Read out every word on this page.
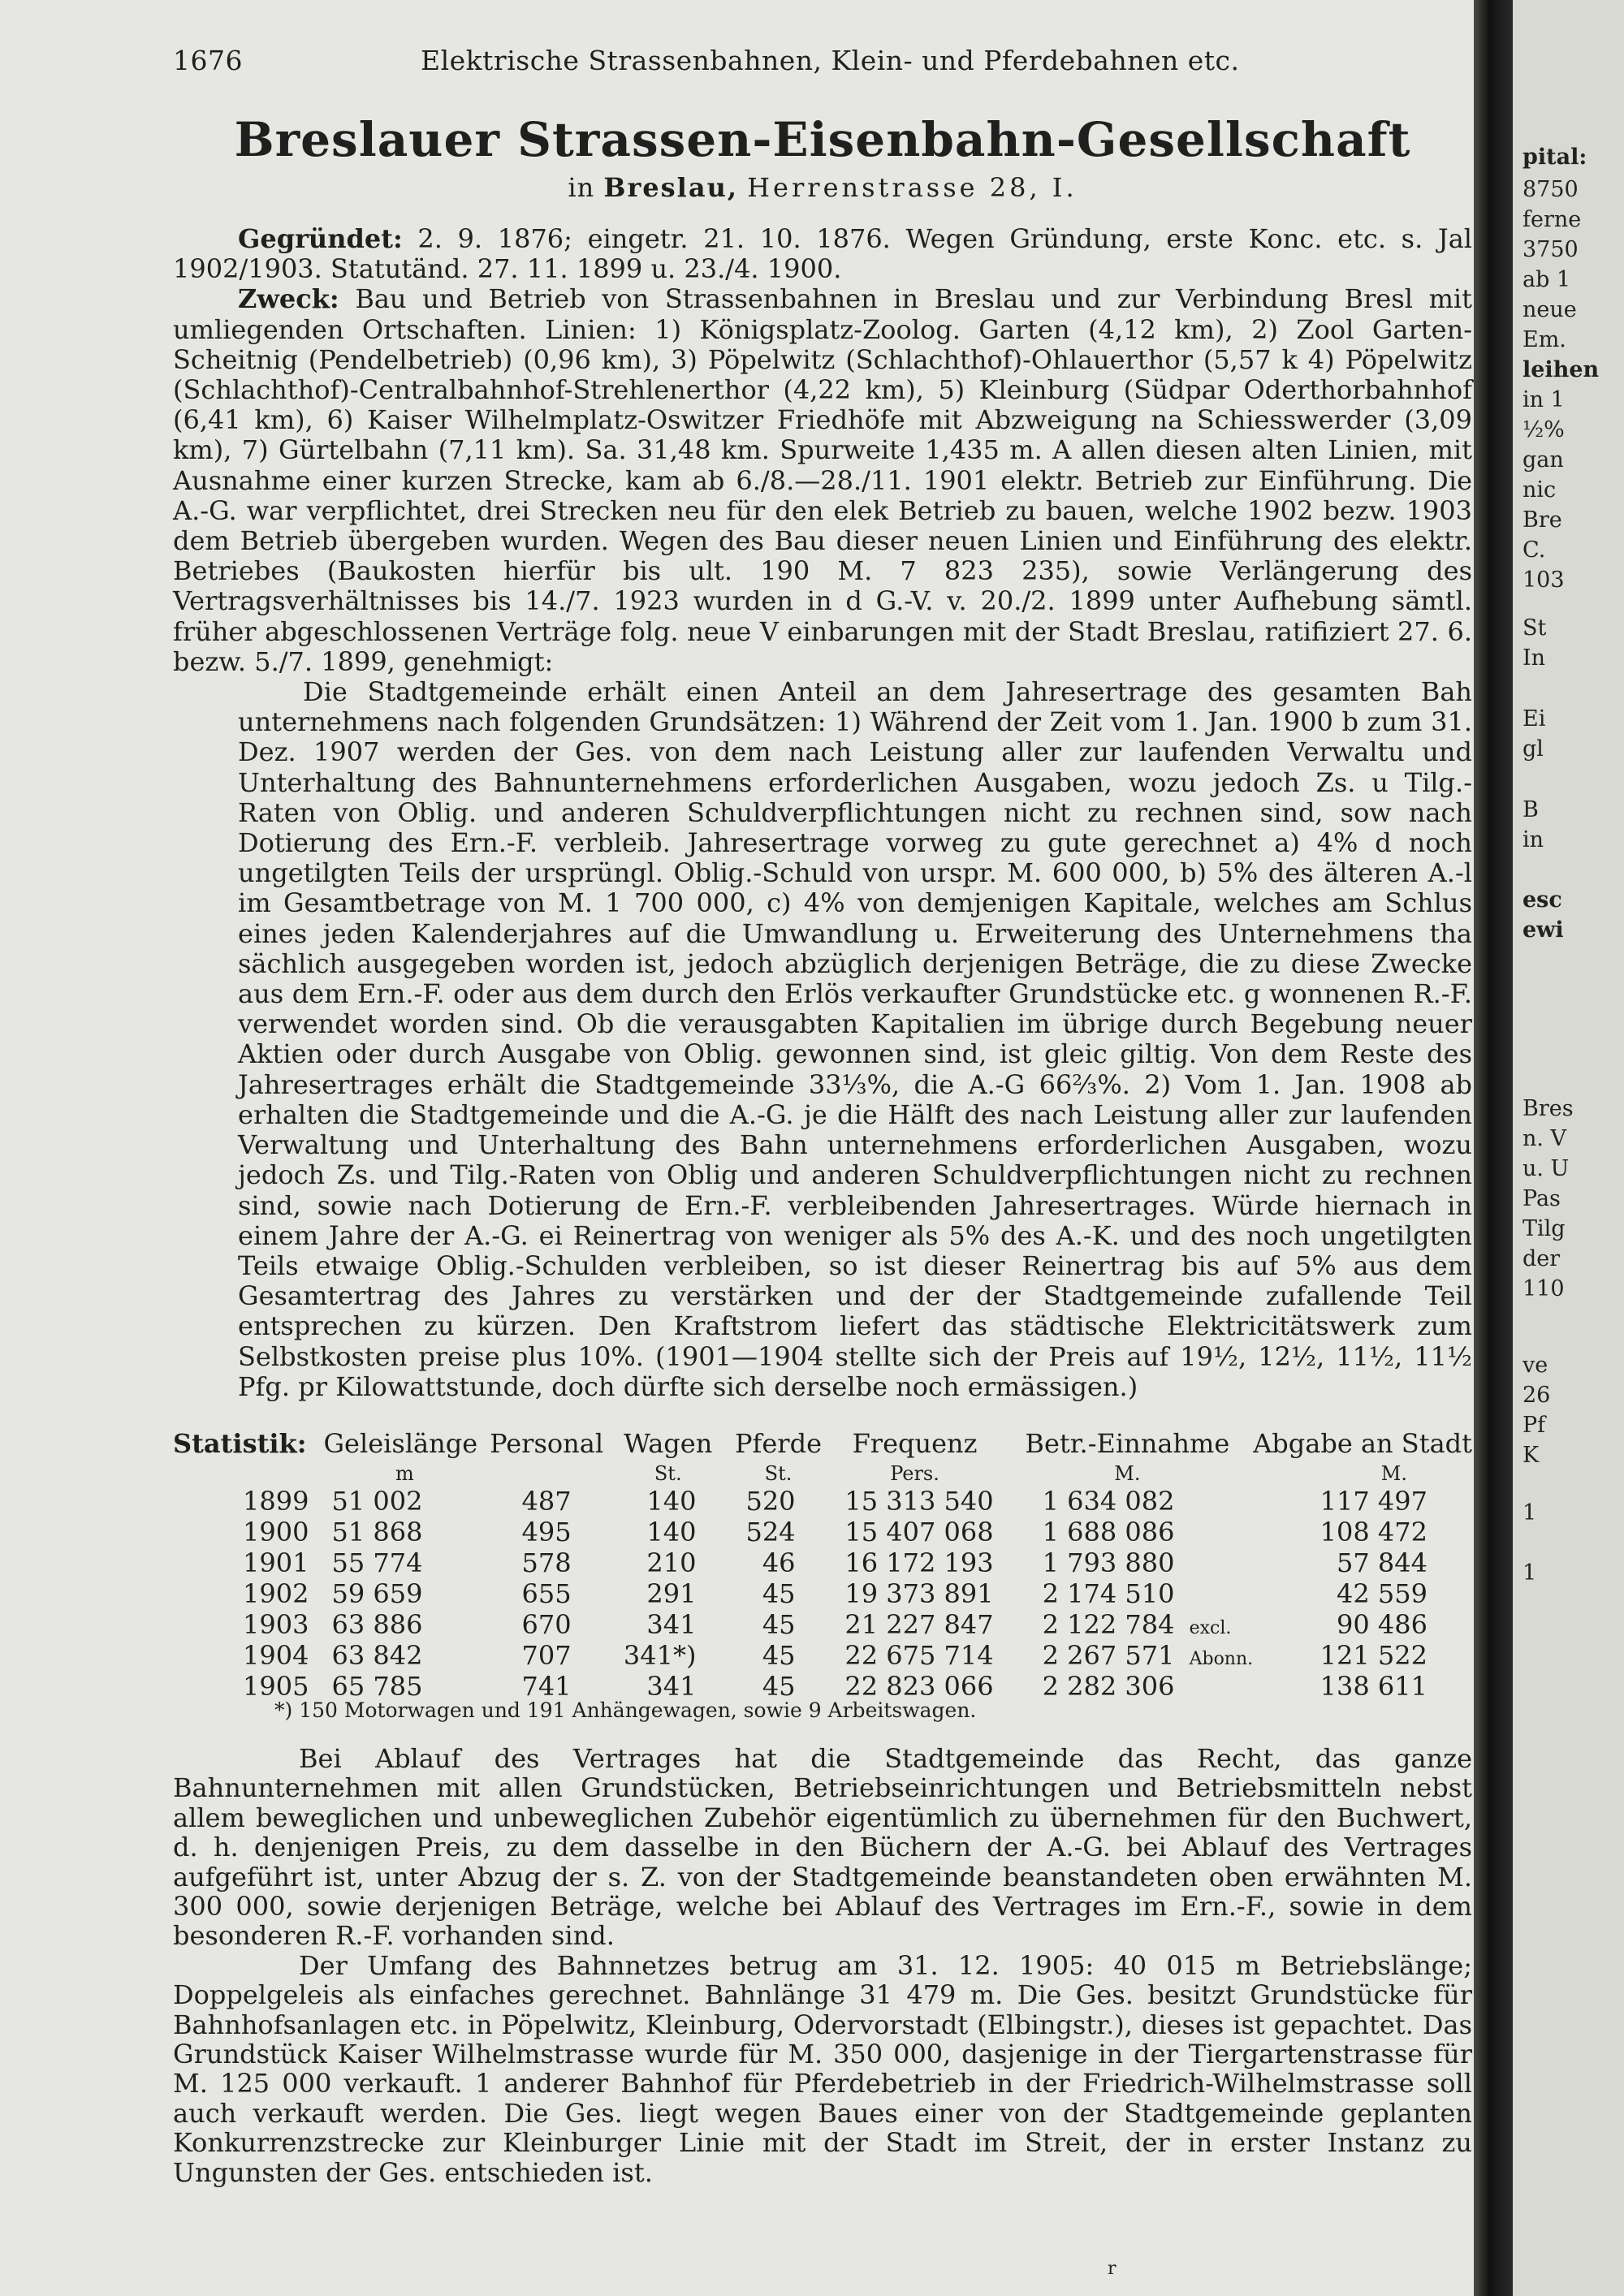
1676	Elektrische Strassenbahnen, Klein- und Pferdebahnen etc.
Breslauer Strassen-Eisenbahn-Gesellschaft
in Breslau, Herrenstrasse 28, I.

Gegründet: 2. 9. 1876; eingetr. 21. 10. 1876. Wegen Gründung, erste Konc. etc. s. Jal 1902/1903. Statutänd. 27. 11. 1899 u. 23./4. 1900.

Zweck: Bau und Betrieb von Strassenbahnen in Breslau und zur Verbindung Bresl mit umliegenden Ortschaften. Linien: 1) Königsplatz-Zoolog. Garten (4,12 km), 2) Zool Garten-Scheitnig (Pendelbetrieb) (0,96 km), 3) Pöpelwitz (Schlachthof)-Ohlauerthor (5,57 k 4) Pöpelwitz (Schlachthof)-Centralbahnhof-Strehlenerthor (4,22 km), 5) Kleinburg (Südpar Oderthorbahnhof (6,41 km), 6) Kaiser Wilhelmplatz-Oswitzer Friedhöfe mit Abzweigung na Schiesswerder (3,09 km), 7) Gürtelbahn (7,11 km). Sa. 31,48 km. Spurweite 1,435 m. A allen diesen alten Linien, mit Ausnahme einer kurzen Strecke, kam ab 6./8.—28./11. 1901 elektr. Betrieb zur Einführung. Die A.-G. war verpflichtet, drei Strecken neu für den elek Betrieb zu bauen, welche 1902 bezw. 1903 dem Betrieb übergeben wurden. Wegen des Bau dieser neuen Linien und Einführung des elektr. Betriebes (Baukosten hierfür bis ult. 190 M. 7 823 235), sowie Verlängerung des Vertragsverhältnisses bis 14./7. 1923 wurden in d G.-V. v. 20./2. 1899 unter Aufhebung sämtl. früher abgeschlossenen Verträge folg. neue V einbarungen mit der Stadt Breslau, ratifiziert 27. 6. bezw. 5./7. 1899, genehmigt:

Die Stadtgemeinde erhält einen Anteil an dem Jahresertrage des gesamten Bah unternehmens nach folgenden Grundsätzen: 1) Während der Zeit vom 1. Jan. 1900 b zum 31. Dez. 1907 werden der Ges. von dem nach Leistung aller zur laufenden Verwaltu und Unterhaltung des Bahnunternehmens erforderlichen Ausgaben, wozu jedoch Zs. u Tilg.-Raten von Oblig. und anderen Schuldverpflichtungen nicht zu rechnen sind, sow nach Dotierung des Ern.-F. verbleib. Jahresertrage vorweg zu gute gerechnet a) 4% d noch ungetilgten Teils der ursprüngl. Oblig.-Schuld von urspr. M. 600 000, b) 5% des älteren A.-l im Gesamtbetrage von M. 1 700 000, c) 4% von demjenigen Kapitale, welches am Schlus eines jeden Kalenderjahres auf die Umwandlung u. Erweiterung des Unternehmens tha sächlich ausgegeben worden ist, jedoch abzüglich derjenigen Beträge, die zu diese Zwecke aus dem Ern.-F. oder aus dem durch den Erlös verkaufter Grundstücke etc. g wonnenen R.-F. verwendet worden sind. Ob die verausgabten Kapitalien im übrige durch Begebung neuer Aktien oder durch Ausgabe von Oblig. gewonnen sind, ist gleic giltig. Von dem Reste des Jahresertrages erhält die Stadtgemeinde 33⅓%, die A.-G 66⅔%. 2) Vom 1. Jan. 1908 ab erhalten die Stadtgemeinde und die A.-G. je die Hälft des nach Leistung aller zur laufenden Verwaltung und Unterhaltung des Bahn unternehmens erforderlichen Ausgaben, wozu jedoch Zs. und Tilg.-Raten von Oblig und anderen Schuldverpflichtungen nicht zu rechnen sind, sowie nach Dotierung de Ern.-F. verbleibenden Jahresertrages. Würde hiernach in einem Jahre der A.-G. ei Reinertrag von weniger als 5% des A.-K. und des noch ungetilgten Teils etwaige Oblig.-Schulden verbleiben, so ist dieser Reinertrag bis auf 5% aus dem Gesamtertrag des Jahres zu verstärken und der der Stadtgemeinde zufallende Teil entsprechen zu kürzen. Den Kraftstrom liefert das städtische Elektricitätswerk zum Selbstkosten preise plus 10%. (1901—1904 stellte sich der Preis auf 19½, 12½, 11½, 11½ Pfg. pr Kilowattstunde, doch dürfte sich derselbe noch ermässigen.)

Statistik:	Geleislänge	Personal	Wagen	Pferde	Frequenz	Betr.-Einnahme	Abgabe an Stadt
	m		St.	St.	Pers.	M.	M.
1899	51 002	487	140	520	15 313 540	1 634 082	117 497
1900	51 868	495	140	524	15 407 068	1 688 086	108 472
1901	55 774	578	210	46	16 172 193	1 793 880	57 844
1902	59 659	655	291	45	19 373 891	2 174 510	42 559
1903	63 886	670	341	45	21 227 847	2 122 784 excl.	90 486
1904	63 842	707	341*)	45	22 675 714	2 267 571 Abonn.	121 522
1905	65 785	741	341	45	22 823 066	2 282 306	138 611
*) 150 Motorwagen und 191 Anhängewagen, sowie 9 Arbeitswagen.

Bei Ablauf des Vertrages hat die Stadtgemeinde das Recht, das ganze Bahnunternehmen mit allen Grundstücken, Betriebseinrichtungen und Betriebsmitteln nebst allem beweglichen und unbeweglichen Zubehör eigentümlich zu übernehmen für den Buchwert, d. h. denjenigen Preis, zu dem dasselbe in den Büchern der A.-G. bei Ablauf des Vertrages aufgeführt ist, unter Abzug der s. Z. von der Stadtgemeinde beanstandeten oben erwähnten M. 300 000, sowie derjenigen Beträge, welche bei Ablauf des Vertrages im Ern.-F., sowie in dem besonderen R.-F. vorhanden sind.

Der Umfang des Bahnnetzes betrug am 31. 12. 1905: 40 015 m Betriebslänge; Doppelgeleis als einfaches gerechnet. Bahnlänge 31 479 m. Die Ges. besitzt Grundstücke für Bahnhofsanlagen etc. in Pöpelwitz, Kleinburg, Odervorstadt (Elbingstr.), dieses ist gepachtet. Das Grundstück Kaiser Wilhelmstrasse wurde für M. 350 000, dasjenige in der Tiergartenstrasse für M. 125 000 verkauft. 1 anderer Bahnhof für Pferdebetrieb in der Friedrich-Wilhelmstrasse soll auch verkauft werden. Die Ges. liegt wegen Baues einer von der Stadtgemeinde geplanten Konkurrenzstrecke zur Kleinburger Linie mit der Stadt im Streit, der in erster Instanz zu Ungunsten der Ges. entschieden ist.

r
pital:
8750
ferne
3750
ab 1
neue
Em.
leihen
in 1
½%
gan
nic
Bre
C.
103
St
In
Ei
gl
B
in
esc
ewi
Bres
n. V
u. U
Pas
Tilg
der
110
ve
26
Pf
K
1
1
